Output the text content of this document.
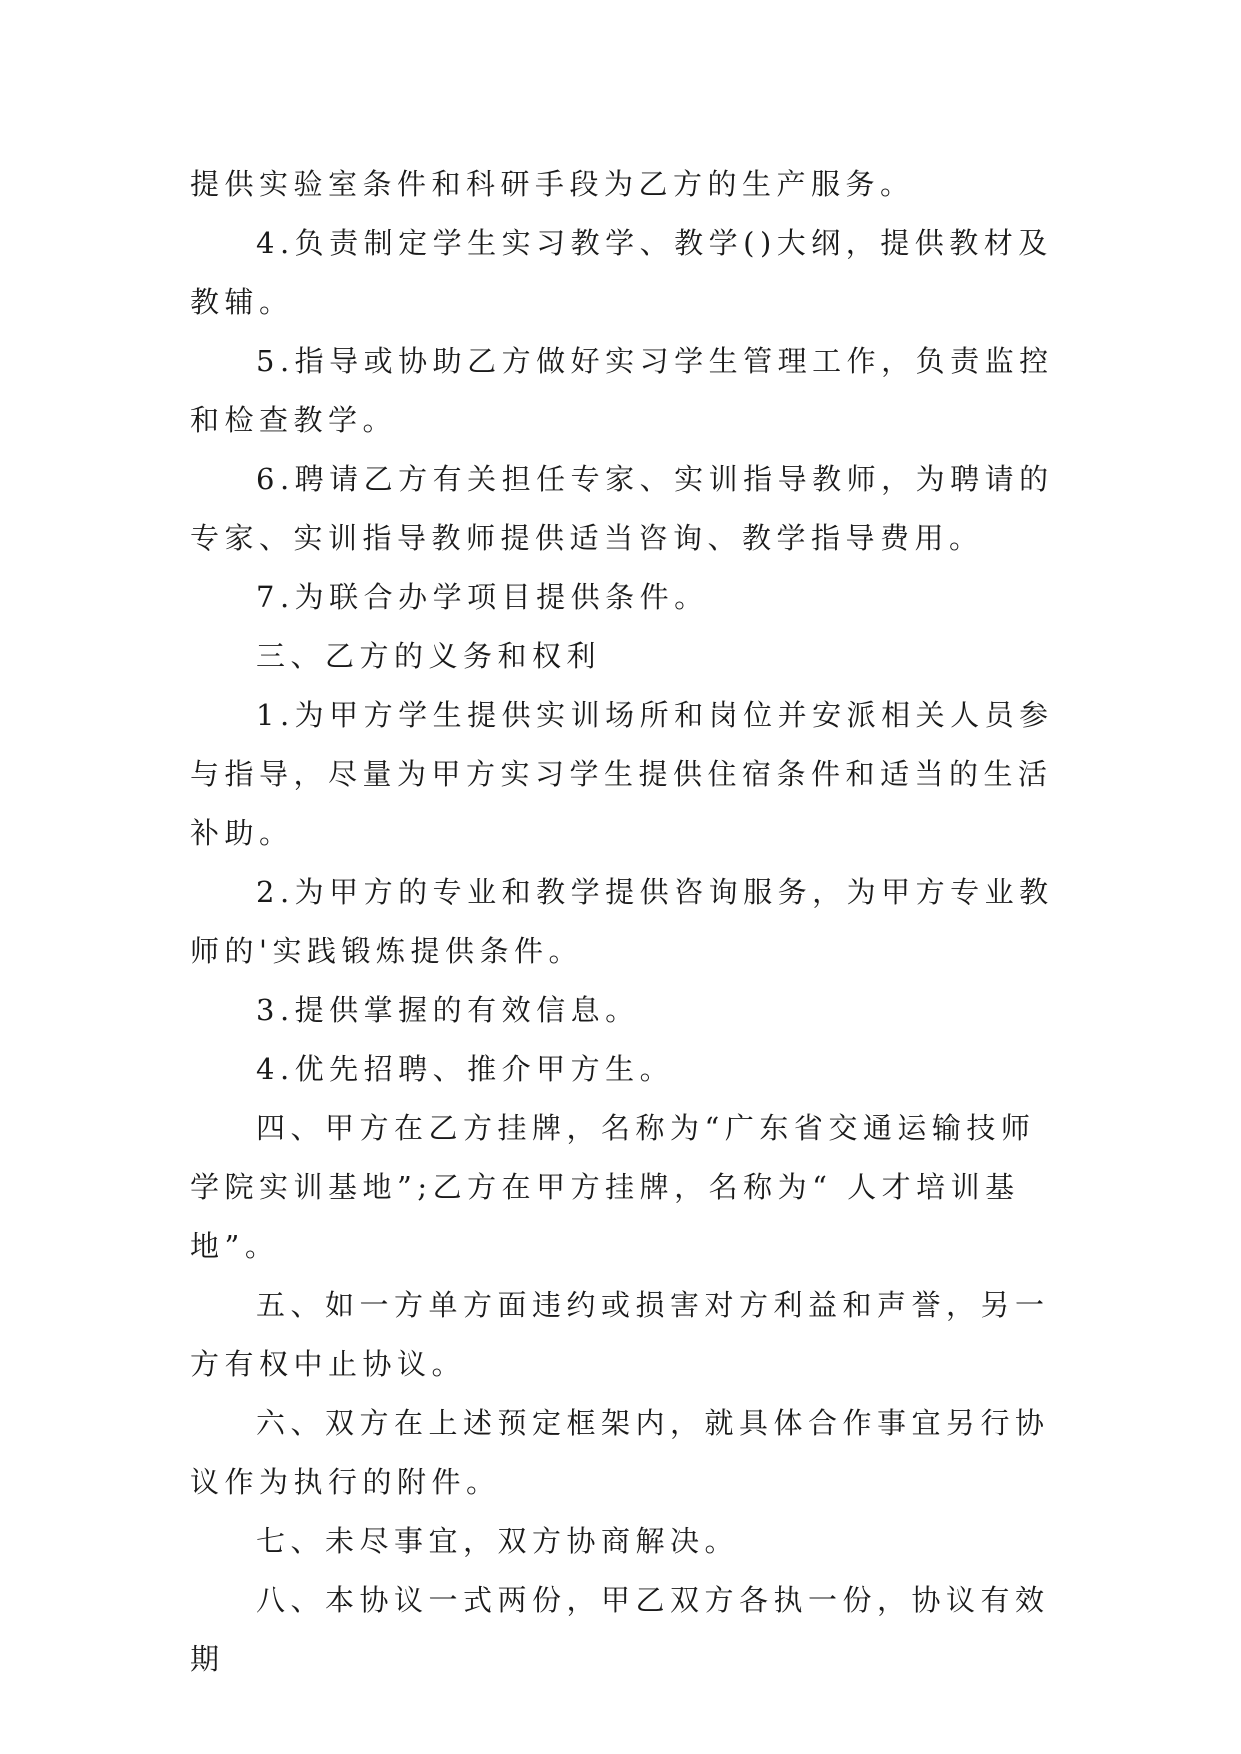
提供实验室条件和科研手段为乙方的生产服务。

4.负责制定学生实习教学、教学()大纲，提供教材及教辅。

5.指导或协助乙方做好实习学生管理工作，负责监控和检查教学。

6.聘请乙方有关担任专家、实训指导教师，为聘请的专家、实训指导教师提供适当咨询、教学指导费用。

7.为联合办学项目提供条件。

三、乙方的义务和权利

1.为甲方学生提供实训场所和岗位并安派相关人员参与指导，尽量为甲方实习学生提供住宿条件和适当的生活补助。

2.为甲方的专业和教学提供咨询服务，为甲方专业教师的'实践锻炼提供条件。

3.提供掌握的有效信息。

4.优先招聘、推介甲方生。

四、甲方在乙方挂牌，名称为“广东省交通运输技师学院实训基地”;乙方在甲方挂牌，名称为“ 人才培训基地”。

五、如一方单方面违约或损害对方利益和声誉，另一方有权中止协议。

六、双方在上述预定框架内，就具体合作事宜另行协议作为执行的附件。

七、未尽事宜，双方协商解决。

八、本协议一式两份，甲乙双方各执一份，协议有效期
